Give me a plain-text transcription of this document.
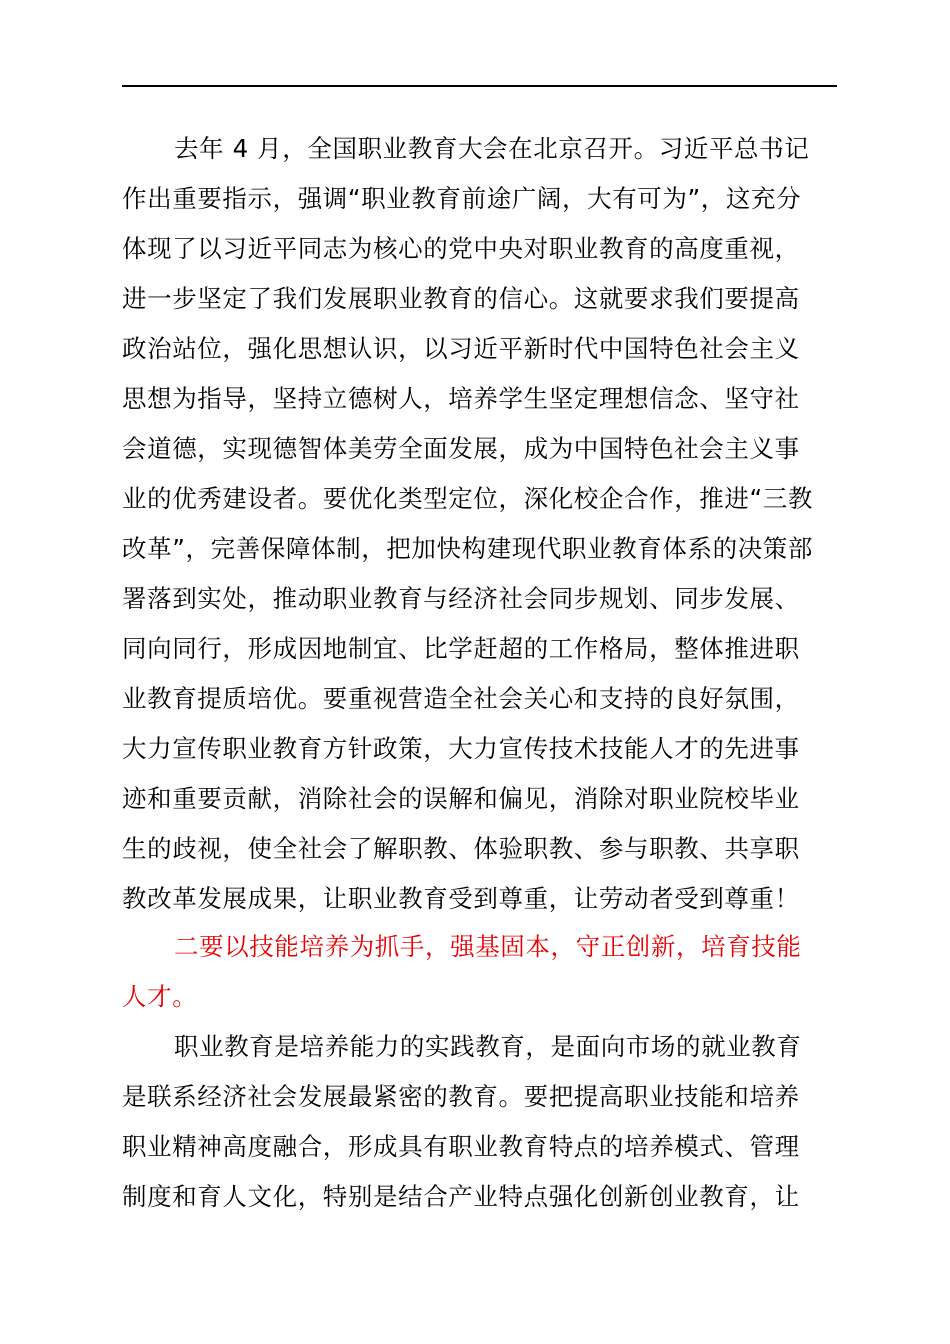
去年 4 月，全国职业教育大会在北京召开。习近平总书记
作出重要指示，强调“职业教育前途广阔，大有可为”，这充分
体现了以习近平同志为核心的党中央对职业教育的高度重视，
进一步坚定了我们发展职业教育的信心。这就要求我们要提高
政治站位，强化思想认识，以习近平新时代中国特色社会主义
思想为指导，坚持立德树人，培养学生坚定理想信念、坚守社
会道德，实现德智体美劳全面发展，成为中国特色社会主义事
业的优秀建设者。要优化类型定位，深化校企合作，推进“三教
改革”，完善保障体制，把加快构建现代职业教育体系的决策部
署落到实处，推动职业教育与经济社会同步规划、同步发展、
同向同行，形成因地制宜、比学赶超的工作格局，整体推进职
业教育提质培优。要重视营造全社会关心和支持的良好氛围，
大力宣传职业教育方针政策，大力宣传技术技能人才的先进事
迹和重要贡献，消除社会的误解和偏见，消除对职业院校毕业
生的歧视，使全社会了解职教、体验职教、参与职教、共享职
教改革发展成果，让职业教育受到尊重，让劳动者受到尊重！
二要以技能培养为抓手，强基固本，守正创新，培育技能
人才。
职业教育是培养能力的实践教育，是面向市场的就业教育
是联系经济社会发展最紧密的教育。要把提高职业技能和培养
职业精神高度融合，形成具有职业教育特点的培养模式、管理
制度和育人文化，特别是结合产业特点强化创新创业教育，让
